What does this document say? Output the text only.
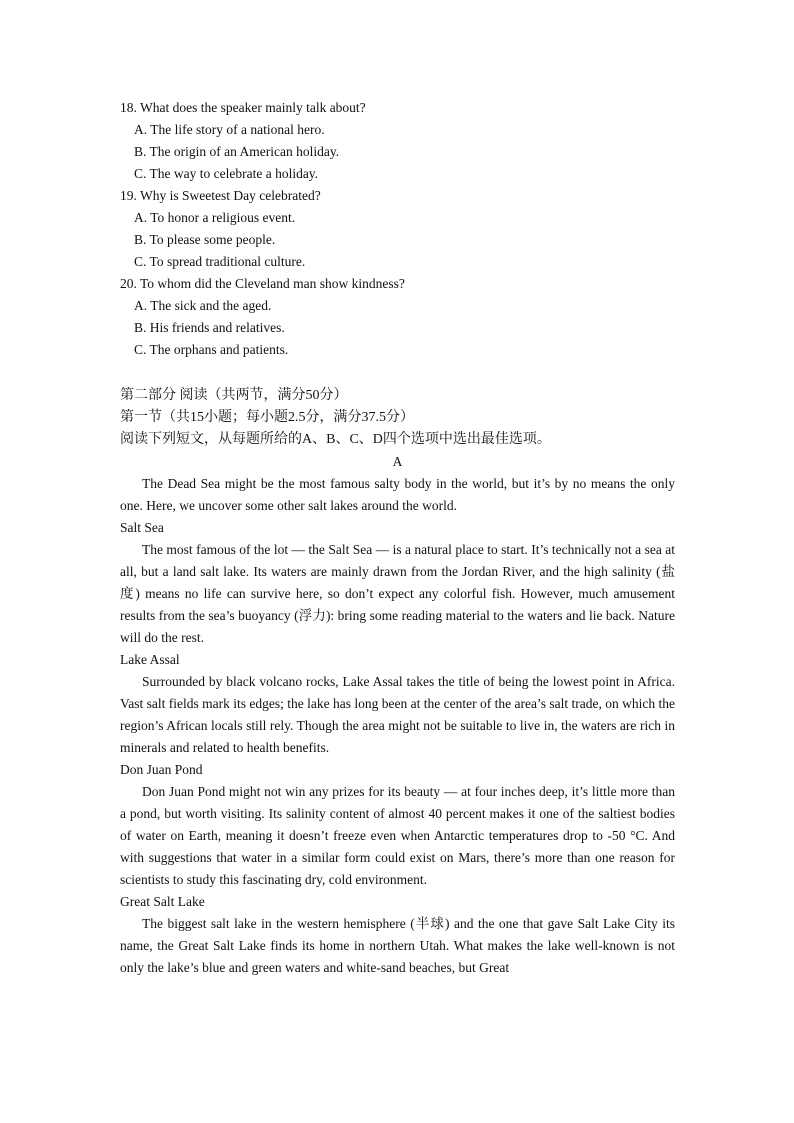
18. What does the speaker mainly talk about?

A. The life story of a national hero.

B. The origin of an American holiday.

C. The way to celebrate a holiday.

19. Why is Sweetest Day celebrated?

A. To honor a religious event.

B. To please some people.

C. To spread traditional culture.

20. To whom did the Cleveland man show kindness?

A. The sick and the aged.

B. His friends and relatives.

C. The orphans and patients.

第二部分 阅读（共两节，满分50分）

第一节（共15小题；每小题2.5分，满分37.5分）

阅读下列短文，从每题所给的A、B、C、D四个选项中选出最佳选项。

A

The Dead Sea might be the most famous salty body in the world, but it’s by no means the only one. Here, we uncover some other salt lakes around the world.

Salt Sea

The most famous of the lot — the Salt Sea — is a natural place to start. It’s technically not a sea at all, but a land salt lake. Its waters are mainly drawn from the Jordan River, and the high salinity (盐度) means no life can survive here, so don’t expect any colorful fish. However, much amusement results from the sea’s buoyancy (浮力): bring some reading material to the waters and lie back. Nature will do the rest.

Lake Assal

Surrounded by black volcano rocks, Lake Assal takes the title of being the lowest point in Africa. Vast salt fields mark its edges; the lake has long been at the center of the area’s salt trade, on which the region’s African locals still rely. Though the area might not be suitable to live in, the waters are rich in minerals and related to health benefits.

Don Juan Pond

Don Juan Pond might not win any prizes for its beauty — at four inches deep, it’s little more than a pond, but worth visiting. Its salinity content of almost 40 percent makes it one of the saltiest bodies of water on Earth, meaning it doesn’t freeze even when Antarctic temperatures drop to -50 °C. And with suggestions that water in a similar form could exist on Mars, there’s more than one reason for scientists to study this fascinating dry, cold environment.

Great Salt Lake

The biggest salt lake in the western hemisphere (半球) and the one that gave Salt Lake City its name, the Great Salt Lake finds its home in northern Utah. What makes the lake well-known is not only the lake’s blue and green waters and white-sand beaches, but Great
